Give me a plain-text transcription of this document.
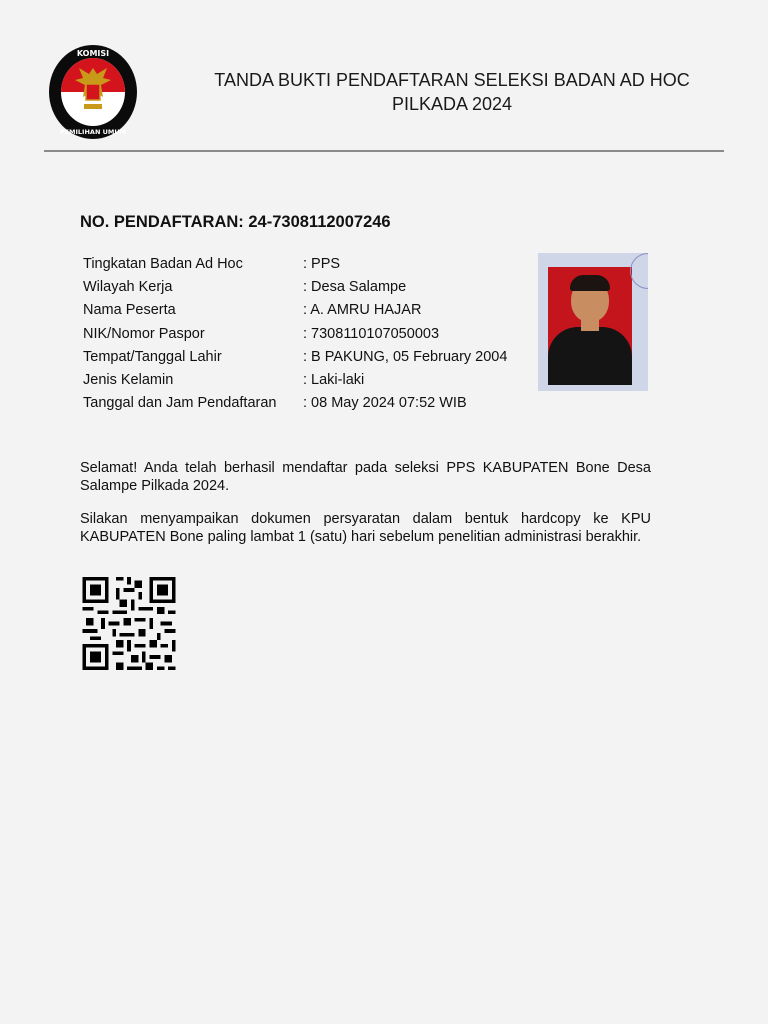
KOMISI
PEMILIHAN UMUM
TANDA BUKTI PENDAFTARAN SELEKSI BADAN AD HOC
PILKADA 2024
NO. PENDAFTARAN: 24-7308112007246
Tingkatan Badan Ad Hoc	: PPS
Wilayah Kerja	: Desa Salampe
Nama Peserta	: A. AMRU HAJAR
NIK/Nomor Paspor	: 7308110107050003
Tempat/Tanggal Lahir	: B PAKUNG, 05 February 2004
Jenis Kelamin	: Laki-laki
Tanggal dan Jam Pendaftaran	: 08 May 2024 07:52 WIB
Selamat! Anda telah berhasil mendaftar pada seleksi PPS KABUPATEN Bone Desa Salampe Pilkada 2024.
Silakan menyampaikan dokumen persyaratan dalam bentuk hardcopy ke KPU KABUPATEN Bone paling lambat 1 (satu) hari sebelum penelitian administrasi berakhir.
